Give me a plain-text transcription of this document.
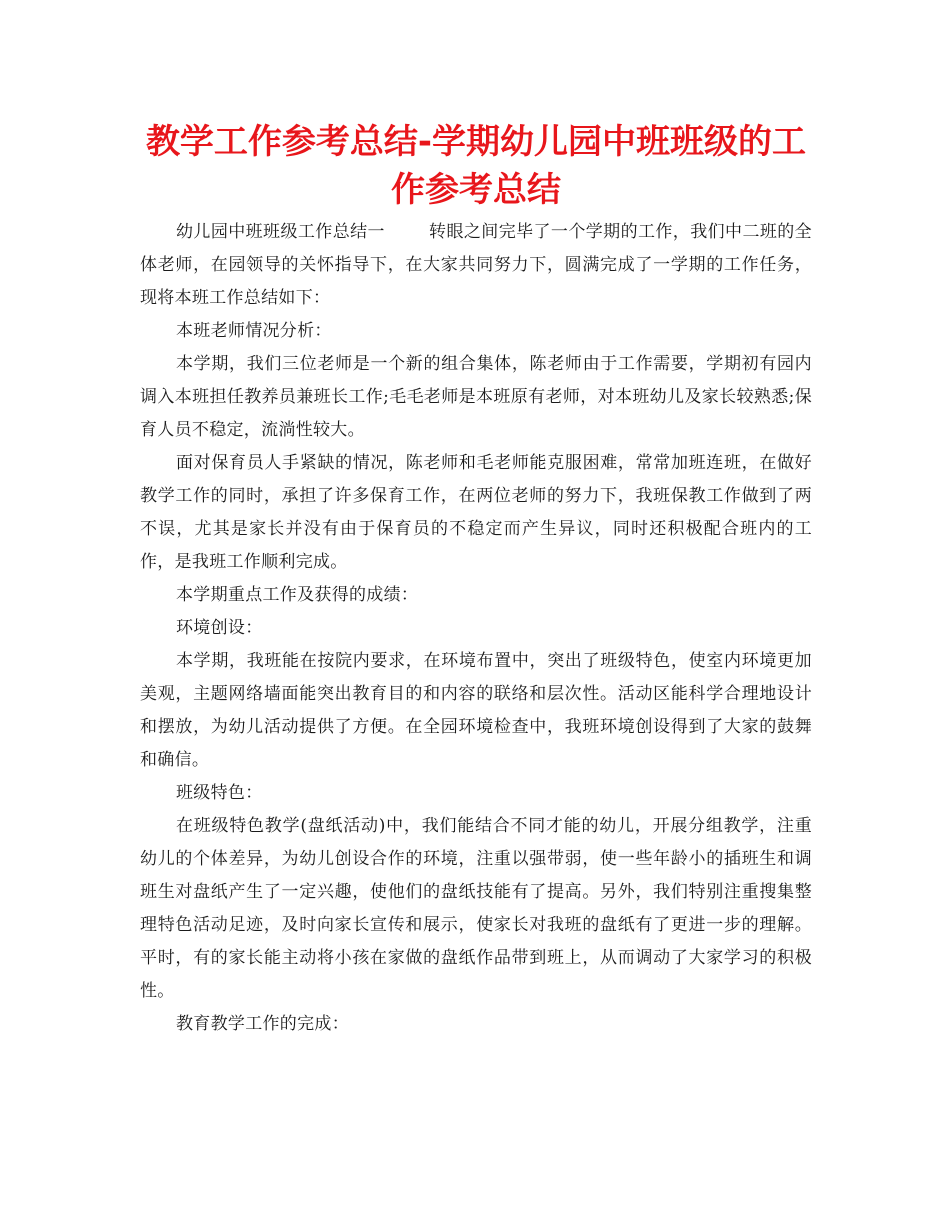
教学工作参考总结-学期幼儿园中班班级的工作参考总结

幼儿园中班班级工作总结一	转眼之间完毕了一个学期的工作，我们中二班的全体老师，在园领导的关怀指导下，在大家共同努力下，圆满完成了一学期的工作任务，现将本班工作总结如下：

本班老师情况分析：

本学期，我们三位老师是一个新的组合集体，陈老师由于工作需要，学期初有园内调入本班担任教养员兼班长工作;毛毛老师是本班原有老师，对本班幼儿及家长较熟悉;保育人员不稳定，流淌性较大。

面对保育员人手紧缺的情况，陈老师和毛老师能克服困难，常常加班连班，在做好教学工作的同时，承担了许多保育工作，在两位老师的努力下，我班保教工作做到了两不误，尤其是家长并没有由于保育员的不稳定而产生异议，同时还积极配合班内的工作，是我班工作顺利完成。

本学期重点工作及获得的成绩：

环境创设：

本学期，我班能在按院内要求，在环境布置中，突出了班级特色，使室内环境更加美观，主题网络墙面能突出教育目的和内容的联络和层次性。活动区能科学合理地设计和摆放，为幼儿活动提供了方便。在全园环境检查中，我班环境创设得到了大家的鼓舞和确信。

班级特色：

在班级特色教学(盘纸活动)中，我们能结合不同才能的幼儿，开展分组教学，注重幼儿的个体差异，为幼儿创设合作的环境，注重以强带弱，使一些年龄小的插班生和调班生对盘纸产生了一定兴趣，使他们的盘纸技能有了提高。另外，我们特别注重搜集整理特色活动足迹，及时向家长宣传和展示，使家长对我班的盘纸有了更进一步的理解。平时，有的家长能主动将小孩在家做的盘纸作品带到班上，从而调动了大家学习的积极性。

教育教学工作的完成：
